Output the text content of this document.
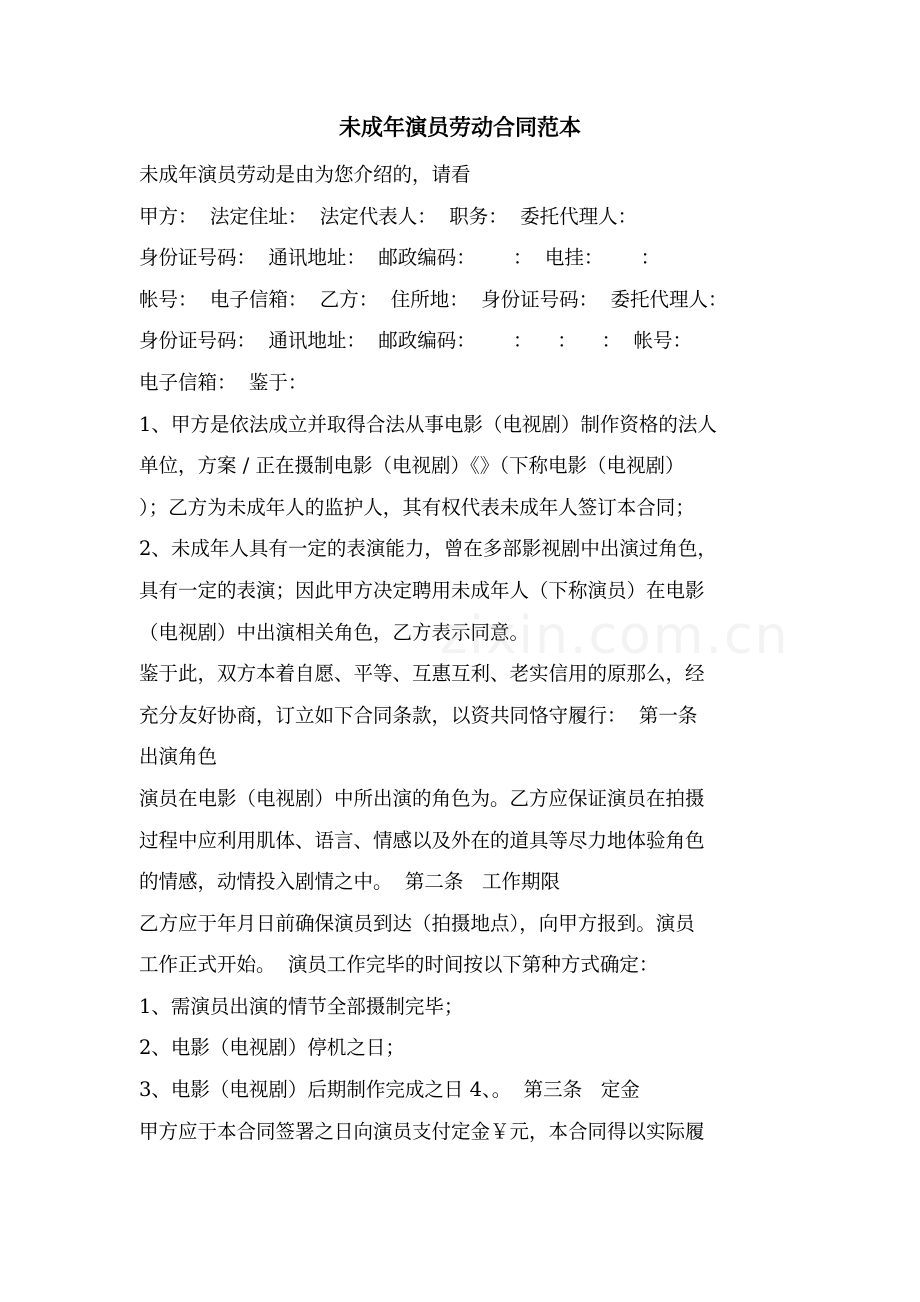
未成年演员劳动合同范本
未成年演员劳动是由为您介绍的，请看
甲方：  法定住址：  法定代表人：  职务：  委托代理人：
身份证号码：  通讯地址：  邮政编码：      ：  电挂：      ：
帐号：  电子信箱：  乙方：  住所地：  身份证号码：  委托代理人：
身份证号码：  通讯地址：  邮政编码：      ：    ：    ：  帐号：
电子信箱：  鉴于：
1、甲方是依法成立并取得合法从事电影（电视剧）制作资格的法人
单位，方案 / 正在摄制电影（电视剧）《》（下称电影（电视剧）
）；乙方为未成年人的监护人，其有权代表未成年人签订本合同；
2、未成年人具有一定的表演能力，曾在多部影视剧中出演过角色，
具有一定的表演；因此甲方决定聘用未成年人（下称演员）在电影
（电视剧）中出演相关角色，乙方表示同意。
鉴于此，双方本着自愿、平等、互惠互利、老实信用的原那么，经
充分友好协商，订立如下合同条款，以资共同恪守履行：  第一条
出演角色
演员在电影（电视剧）中所出演的角色为。乙方应保证演员在拍摄
过程中应利用肌体、语言、情感以及外在的道具等尽力地体验角色
的情感，动情投入剧情之中。  第二条   工作期限
乙方应于年月日前确保演员到达（拍摄地点），向甲方报到。演员
工作正式开始。  演员工作完毕的时间按以下第种方式确定：
1、需演员出演的情节全部摄制完毕；
2、电影（电视剧）停机之日；
3、电影（电视剧）后期制作完成之日 4、。  第三条   定金
甲方应于本合同签署之日向演员支付定金￥元，本合同得以实际履
zixin.com.cn
